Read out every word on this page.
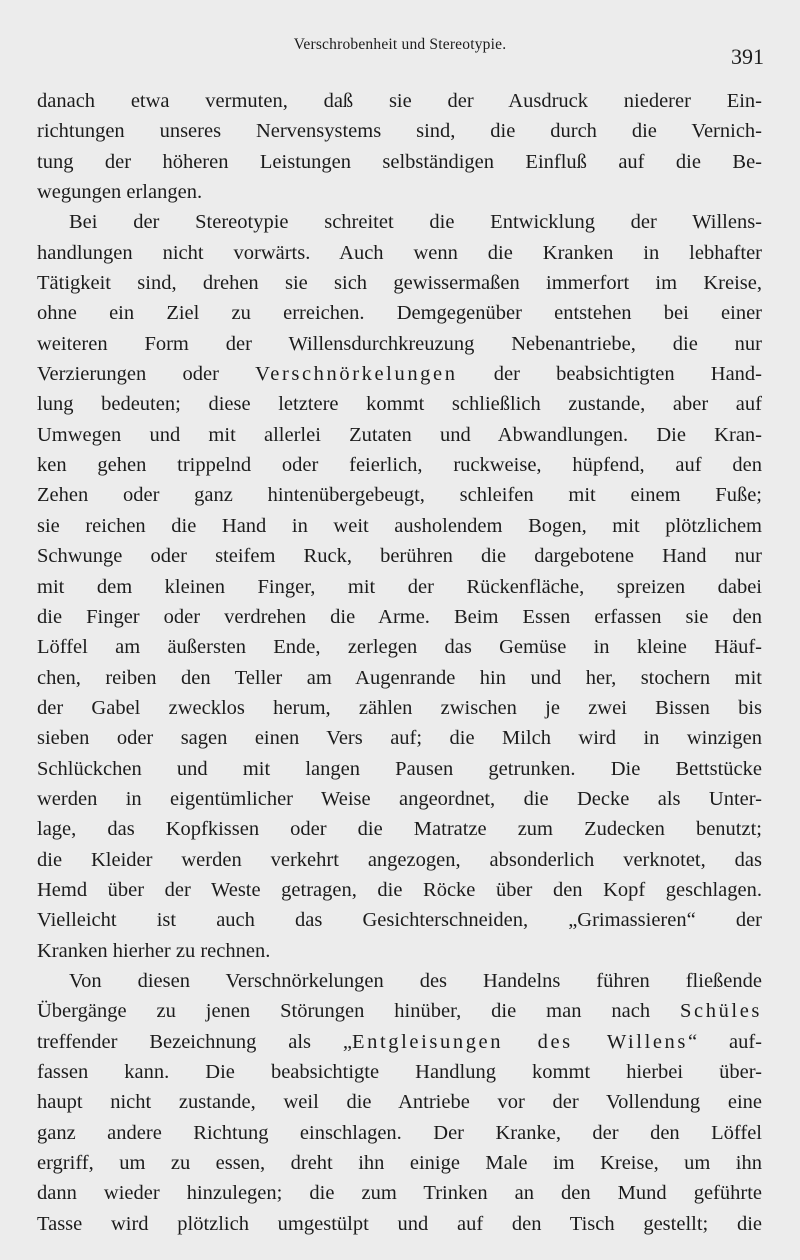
Verschrobenheit und Stereotypie.	391
danach etwa vermuten, daß sie der Ausdruck niederer Ein-
richtungen unseres Nervensystems sind, die durch die Vernich-
tung der höheren Leistungen selbständigen Einfluß auf die Be-
wegungen erlangen.
Bei der Stereotypie schreitet die Entwicklung der Willens-
handlungen nicht vorwärts. Auch wenn die Kranken in lebhafter
Tätigkeit sind, drehen sie sich gewissermaßen immerfort im Kreise,
ohne ein Ziel zu erreichen. Demgegenüber entstehen bei einer
weiteren Form der Willensdurchkreuzung Nebenantriebe, die nur
Verzierungen oder Verschnörkelungen der beabsichtigten Hand-
lung bedeuten; diese letztere kommt schließlich zustande, aber auf
Umwegen und mit allerlei Zutaten und Abwandlungen. Die Kran-
ken gehen trippelnd oder feierlich, ruckweise, hüpfend, auf den
Zehen oder ganz hintenübergebeugt, schleifen mit einem Fuße;
sie reichen die Hand in weit ausholendem Bogen, mit plötzlichem
Schwunge oder steifem Ruck, berühren die dargebotene Hand nur
mit dem kleinen Finger, mit der Rückenfläche, spreizen dabei
die Finger oder verdrehen die Arme. Beim Essen erfassen sie den
Löffel am äußersten Ende, zerlegen das Gemüse in kleine Häuf-
chen, reiben den Teller am Augenrande hin und her, stochern mit
der Gabel zwecklos herum, zählen zwischen je zwei Bissen bis
sieben oder sagen einen Vers auf; die Milch wird in winzigen
Schlückchen und mit langen Pausen getrunken. Die Bettstücke
werden in eigentümlicher Weise angeordnet, die Decke als Unter-
lage, das Kopfkissen oder die Matratze zum Zudecken benutzt;
die Kleider werden verkehrt angezogen, absonderlich verknotet, das
Hemd über der Weste getragen, die Röcke über den Kopf geschlagen.
Vielleicht ist auch das Gesichterschneiden, „Grimassieren“ der
Kranken hierher zu rechnen.
Von diesen Verschnörkelungen des Handelns führen fließende
Übergänge zu jenen Störungen hinüber, die man nach Schüles
treffender Bezeichnung als „Entgleisungen des Willens“ auf-
fassen kann. Die beabsichtigte Handlung kommt hierbei über-
haupt nicht zustande, weil die Antriebe vor der Vollendung eine
ganz andere Richtung einschlagen. Der Kranke, der den Löffel
ergriff, um zu essen, dreht ihn einige Male im Kreise, um ihn
dann wieder hinzulegen; die zum Trinken an den Mund geführte
Tasse wird plötzlich umgestülpt und auf den Tisch gestellt; die
